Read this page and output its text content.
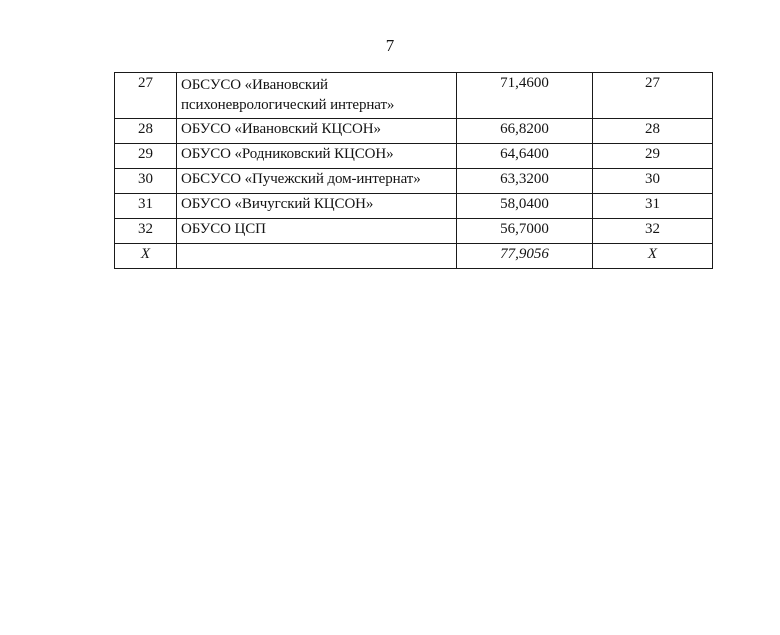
7
27	ОБСУСО «Ивановский
психоневрологический интернат»	71,4600	27
28	ОБУСО «Ивановский КЦСОН»	66,8200	28
29	ОБУСО «Родниковский КЦСОН»	64,6400	29
30	ОБСУСО «Пучежский дом-интернат»	63,3200	30
31	ОБУСО «Вичугский КЦСОН»	58,0400	31
32	ОБУСО ЦСП	56,7000	32
X		77,9056	X
